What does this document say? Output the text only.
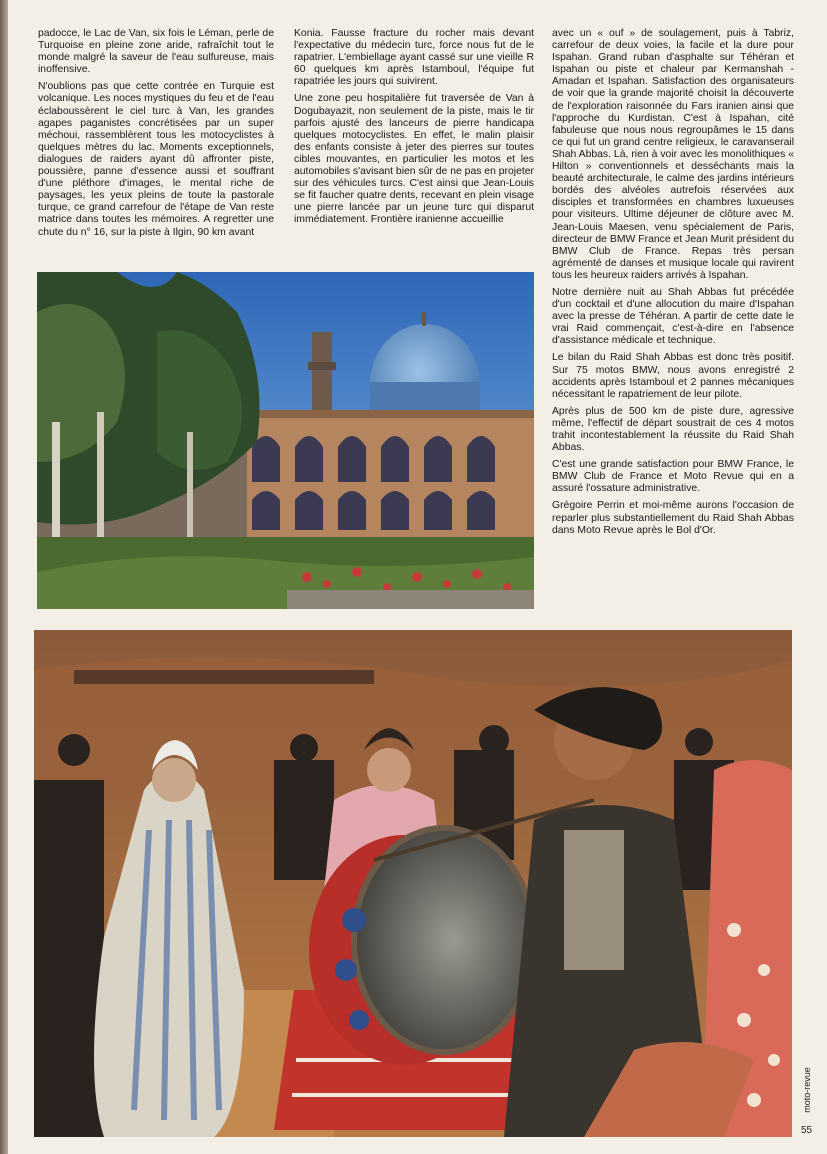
padocce, le Lac de Van, six fois le Léman, perle de Turquoise en pleine zone aride, rafraîchit tout le monde malgré la saveur de l'eau sulfureuse, mais inoffensive.

N'oublions pas que cette contrée en Turquie est volcanique. Les noces mystiques du feu et de l'eau éclaboussèrent le ciel turc à Van, les grandes agapes paganistes concrétisées par un super méchoui, rassemblèrent tous les motocyclistes à quelques mètres du lac. Moments exceptionnels, dialogues de raiders ayant dû affronter piste, poussière, panne d'essence aussi et souffrant d'une pléthore d'images, le mental riche de paysages, les yeux pleins de toute la pastorale turque, ce grand carrefour de l'étape de Van reste matrice dans toutes les mémoires. A regretter une chute du n° 16, sur la piste à Ilgin, 90 km avant

Konia. Fausse fracture du rocher mais devant l'expectative du médecin turc, force nous fut de le rapatrier. L'embiellage ayant cassé sur une vieille R 60 quelques km après Istamboul, l'équipe fut rapatriée les jours qui suivirent.

Une zone peu hospitalière fut traversée de Van à Dogubayazit, non seulement de la piste, mais le tir parfois ajusté des lanceurs de pierre handicapa quelques motocyclistes. En effet, le malin plaisir des enfants consiste à jeter des pierres sur toutes cibles mouvantes, en particulier les motos et les automobiles s'avisant bien sûr de ne pas en projeter sur des véhicules turcs. C'est ainsi que Jean-Louis se fit faucher quatre dents, recevant en plein visage une pierre lancée par un jeune turc qui disparut immédiatement. Frontière iranienne accueillie

avec un « ouf » de soulagement, puis à Tabriz, carrefour de deux voies, la facile et la dure pour Ispahan. Grand ruban d'asphalte sur Téhéran et Ispahan ou piste et chaleur par Kermanshah - Amadan et Ispahan. Satisfaction des organisateurs de voir que la grande majorité choisit la découverte de l'exploration raisonnée du Fars iranien ainsi que l'approche du Kurdistan. C'est à Ispahan, cité fabuleuse que nous nous regroupâmes le 15 dans ce qui fut un grand centre religieux, le caravanserail Shah Abbas. Là, rien à voir avec les monolithiques « Hilton » conventionnels et desséchants mais la beauté architecturale, le calme des jardins intérieurs bordés des alvéoles autrefois réservées aux disciples et transformées en chambres luxueuses pour visiteurs. Ultime déjeuner de clôture avec M. Jean-Louis Maesen, venu spécialement de Paris, directeur de BMW France et Jean Murit président du BMW Club de France. Repas très persan agrémenté de danses et musique locale qui ravirent tous les heureux raiders arrivés à Ispahan.

Notre dernière nuit au Shah Abbas fut précédée d'un cocktail et d'une allocution du maire d'Ispahan avec la presse de Téhéran. A partir de cette date le vrai Raid commençait, c'est-à-dire en l'absence d'assistance médicale et technique.

Le bilan du Raid Shah Abbas est donc très positif. Sur 75 motos BMW, nous avons enregistré 2 accidents après Istamboul et 2 pannes mécaniques nécessitant le rapatriement de leur pilote.

Après plus de 500 km de piste dure, agressive même, l'effectif de départ soustrait de ces 4 motos trahit incontestablement la réussite du Raid Shah Abbas.

C'est une grande satisfaction pour BMW France, le BMW Club de France et Moto Revue qui en a assuré l'ossature administrative.

Grégoire Perrin et moi-même aurons l'occasion de reparler plus substantiellement du Raid Shah Abbas dans Moto Revue après le Bol d'Or.

moto-revue
55
